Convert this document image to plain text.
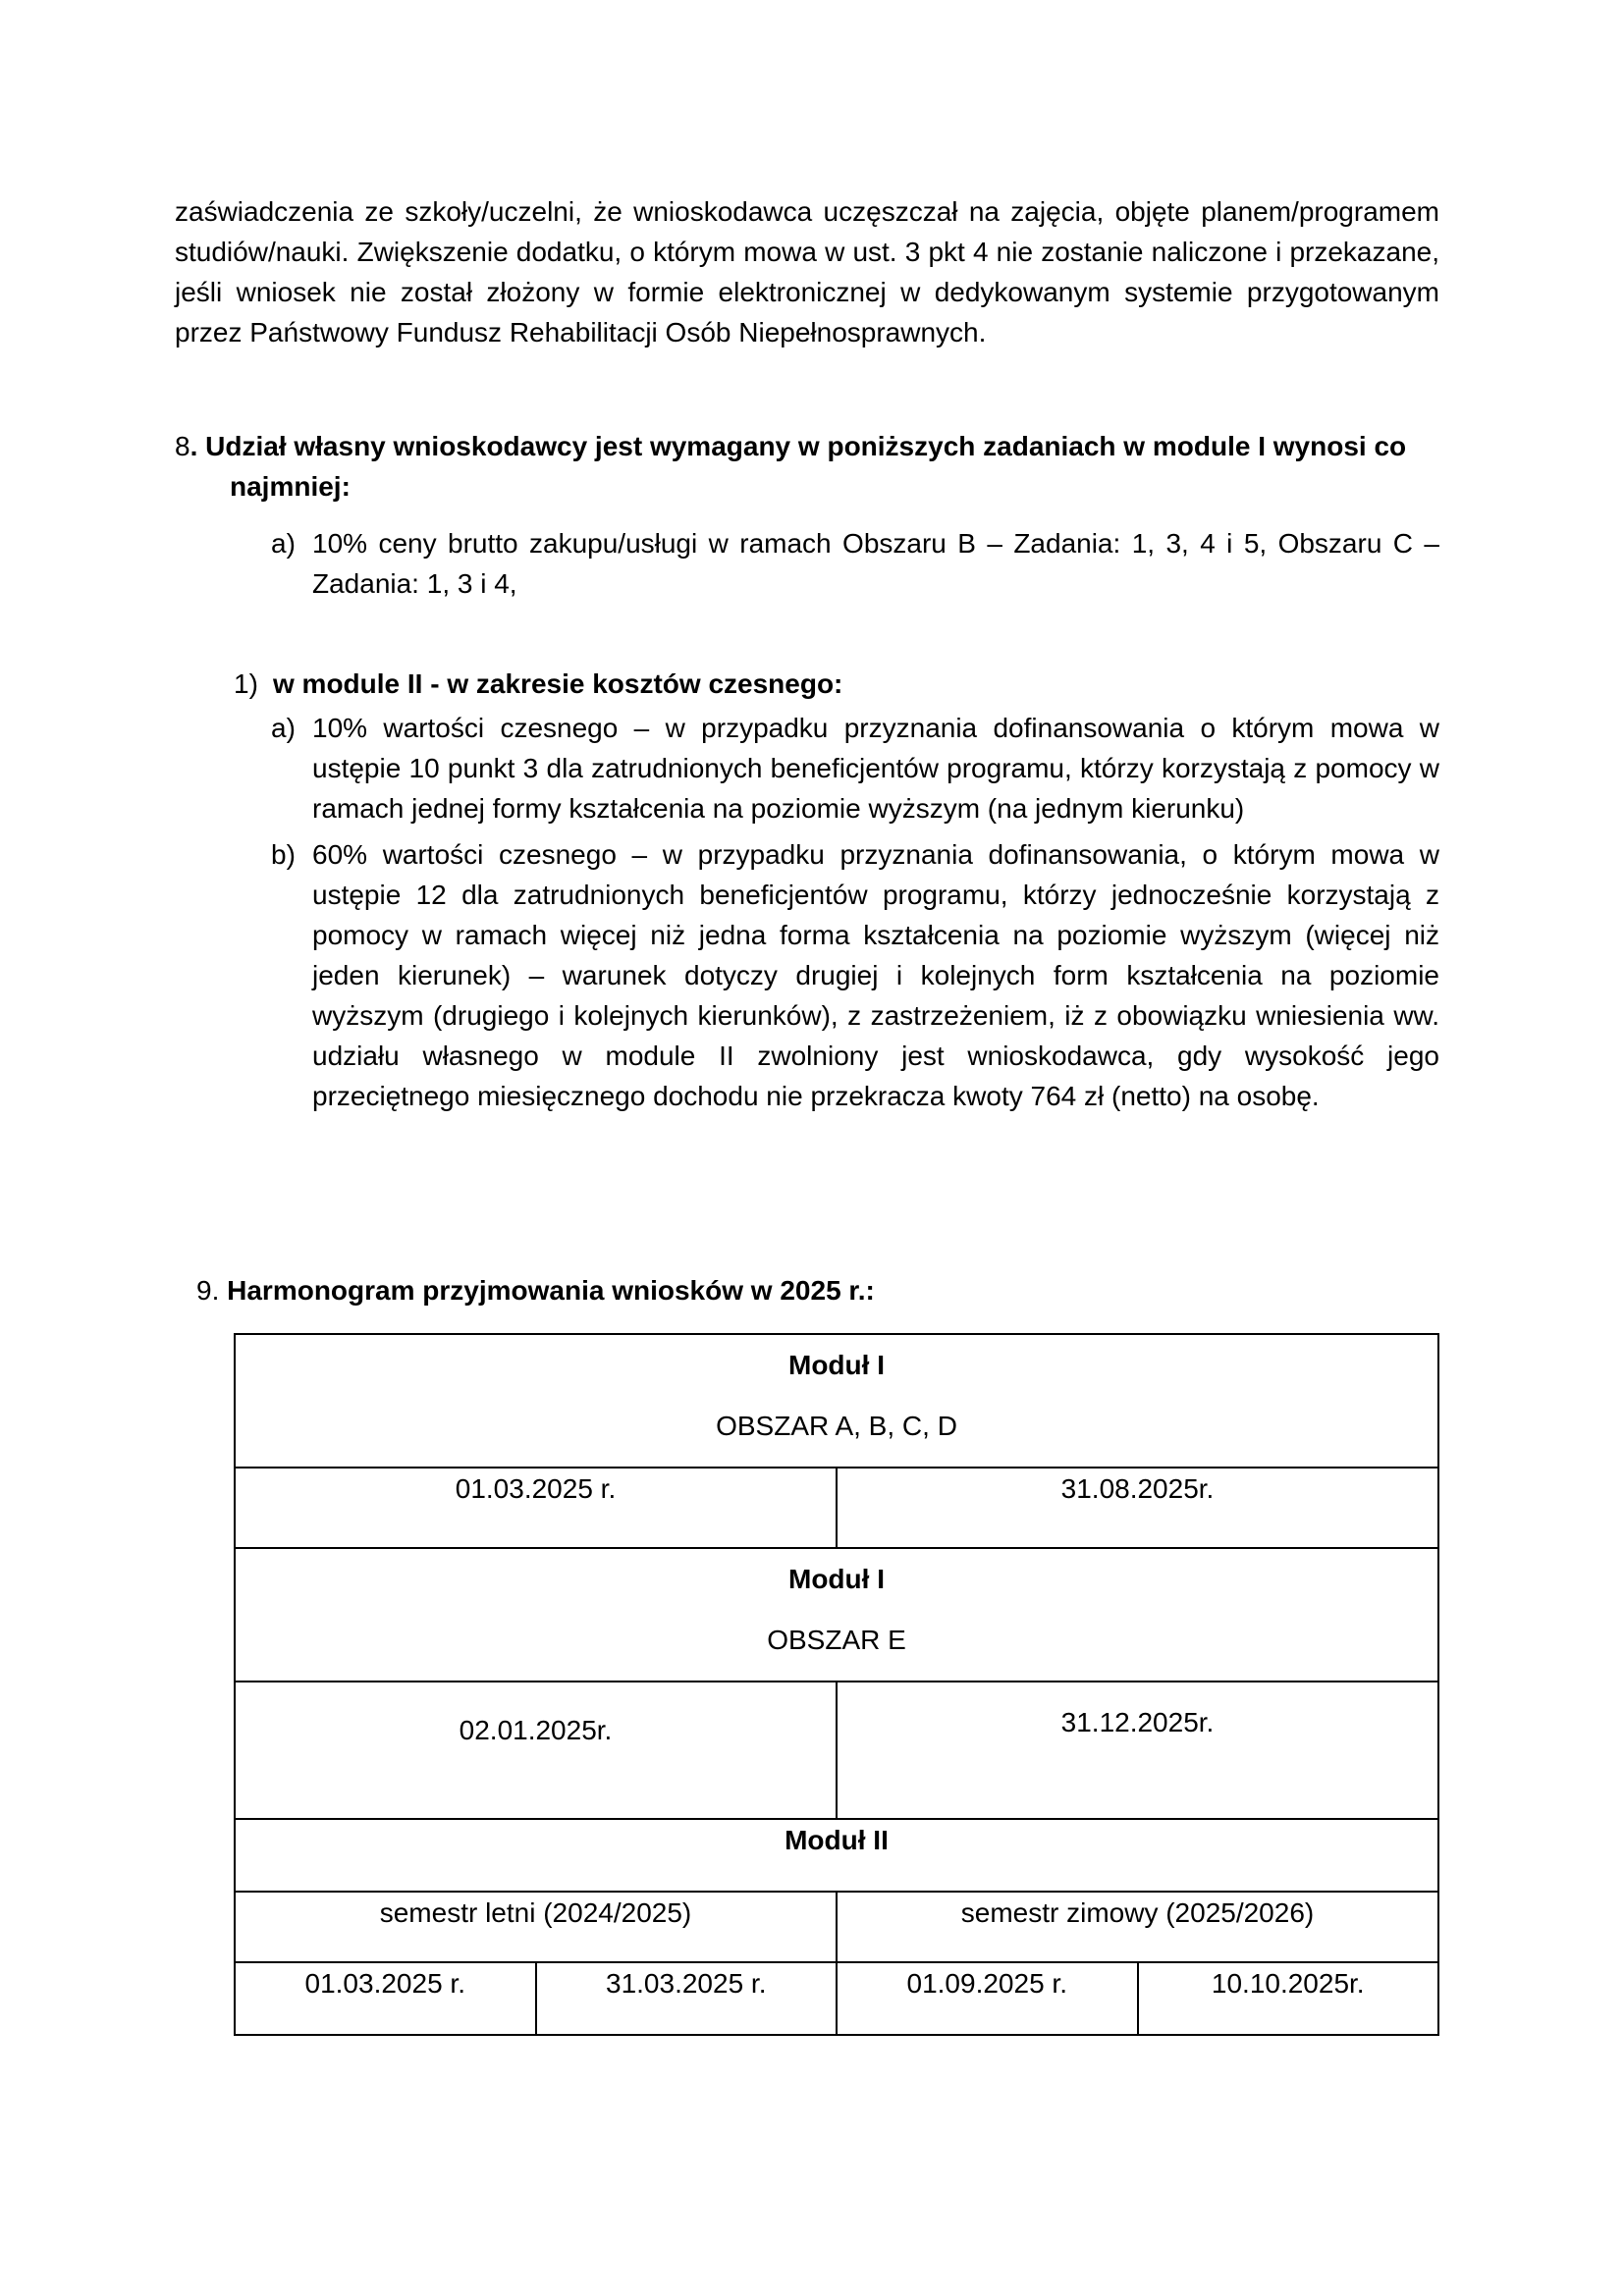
zaświadczenia ze szkoły/uczelni, że wnioskodawca uczęszczał na zajęcia, objęte planem/programem studiów/nauki. Zwiększenie dodatku, o którym mowa w ust. 3 pkt 4 nie zostanie naliczone i przekazane, jeśli wniosek nie został złożony w formie elektronicznej w dedykowanym systemie przygotowanym przez Państwowy Fundusz Rehabilitacji Osób Niepełnosprawnych.
8. Udział własny wnioskodawcy jest wymagany w poniższych zadaniach w module I wynosi co
najmniej:
a) 10% ceny brutto zakupu/usługi w ramach Obszaru B – Zadania: 1, 3, 4 i 5, Obszaru C – Zadania: 1, 3 i 4,
1) w module II - w zakresie kosztów czesnego:
a) 10% wartości czesnego – w przypadku przyznania dofinansowania o którym mowa w ustępie 10 punkt 3 dla zatrudnionych beneficjentów programu, którzy korzystają z pomocy w ramach jednej formy kształcenia na poziomie wyższym (na jednym kierunku)
b) 60% wartości czesnego – w przypadku przyznania dofinansowania, o którym mowa w ustępie 12 dla zatrudnionych beneficjentów programu, którzy jednocześnie korzystają z pomocy w ramach więcej niż jedna forma kształcenia na poziomie wyższym (więcej niż jeden kierunek) – warunek dotyczy drugiej i kolejnych form kształcenia na poziomie wyższym (drugiego i kolejnych kierunków), z zastrzeżeniem, iż z obowiązku wniesienia ww. udziału własnego w module II zwolniony jest wnioskodawca, gdy wysokość jego przeciętnego miesięcznego dochodu nie przekracza kwoty 764 zł (netto) na osobę.
9. Harmonogram przyjmowania wniosków w 2025 r.:
Moduł I
OBSZAR A, B, C, D			

01.03.2025 r.		31.08.2025r.	

Moduł I
OBSZAR E			

02.01.2025r.		31.12.2025r.	

Moduł II			
semestr letni (2024/2025)		semestr zimowy (2025/2026)	
01.03.2025 r.	31.03.2025 r.	01.09.2025 r.	10.10.2025r.
